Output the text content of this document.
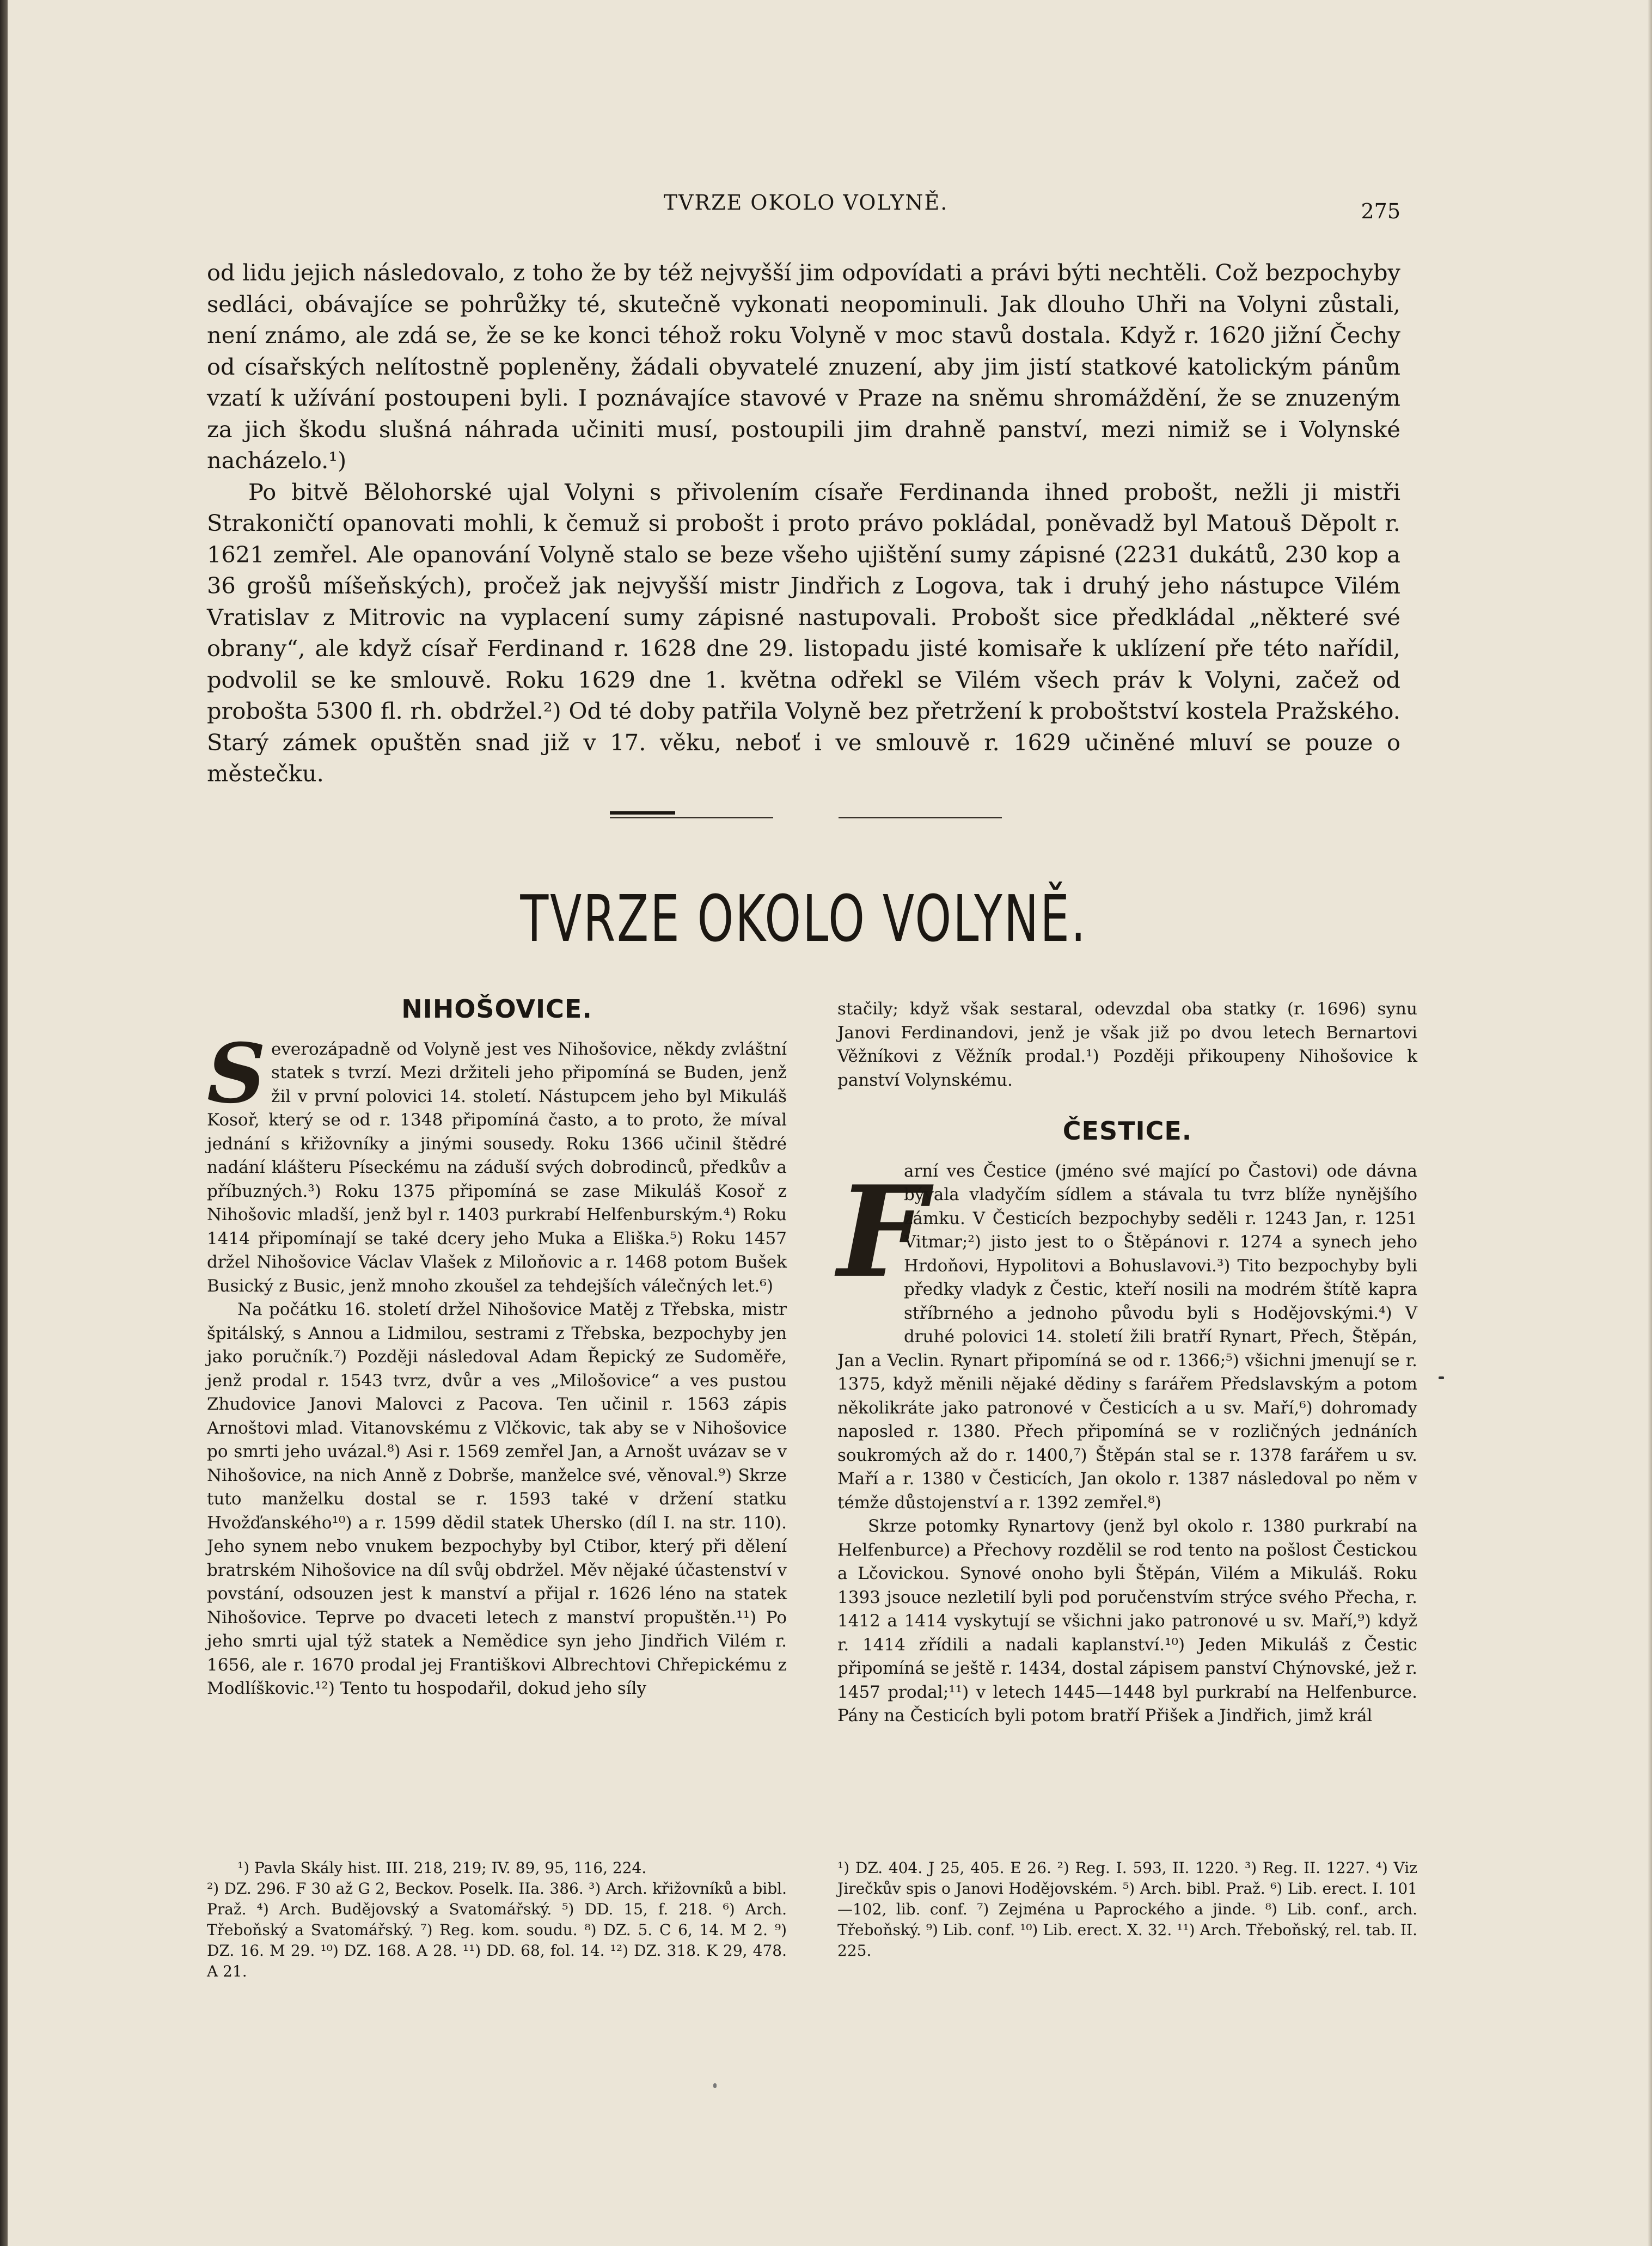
TVRZE OKOLO VOLYNĚ.	275

od lidu jejich následovalo, z toho že by též nejvyšší jim odpovídati a právi býti nechtěli. Což bezpochyby sedláci, obávajíce se pohrůžky té, skutečně vykonati neopominuli. Jak dlouho Uhři na Volyni zůstali, není známo, ale zdá se, že se ke konci téhož roku Volyně v moc stavů dostala. Když r. 1620 jižní Čechy od císařských nelítostně popleněny, žádali obyvatelé znuzení, aby jim jistí statkové katolickým pánům vzatí k užívání postoupeni byli. I poznávajíce stavové v Praze na sněmu shromáždění, že se znuzeným za jich škodu slušná náhrada učiniti musí, postoupili jim drahně panství, mezi nimiž se i Volynské nacházelo.¹)

Po bitvě Bělohorské ujal Volyni s přivolením císaře Ferdinanda ihned probošt, nežli ji mistři Strakoničtí opanovati mohli, k čemuž si probošt i proto právo pokládal, poněvadž byl Matouš Děpolt r. 1621 zemřel. Ale opanování Volyně stalo se beze všeho ujištění sumy zápisné (2231 dukátů, 230 kop a 36 grošů míšeňských), pročež jak nejvyšší mistr Jindřich z Logova, tak i druhý jeho nástupce Vilém Vratislav z Mitrovic na vyplacení sumy zápisné nastupovali. Probošt sice předkládal „některé své obrany“, ale když císař Ferdinand r. 1628 dne 29. listopadu jisté komisaře k uklízení pře této nařídil, podvolil se ke smlouvě. Roku 1629 dne 1. května odřekl se Vilém všech práv k Volyni, začež od probošta 5300 fl. rh. obdržel.²) Od té doby patřila Volyně bez přetržení k proboštství kostela Pražského. Starý zámek opuštěn snad již v 17. věku, neboť i ve smlouvě r. 1629 učiněné mluví se pouze o městečku.

TVRZE OKOLO VOLYNĚ.
NIHOŠOVICE.
S everozápadně od Volyně jest ves Nihošovice, někdy zvláštní statek s tvrzí. Mezi držiteli jeho připomíná se Buden, jenž žil v první polovici 14. století. Nástupcem jeho byl Mikuláš Kosoř, který se od r. 1348 připomíná často, a to proto, že míval jednání s křižovníky a jinými sousedy. Roku 1366 učinil štědré nadání klášteru Píseckému na záduší svých dobrodinců, předkův a příbuzných.³) Roku 1375 připomíná se zase Mikuláš Kosoř z Nihošovic mladší, jenž byl r. 1403 purkrabí Helfenburským.⁴) Roku 1414 připomínají se také dcery jeho Muka a Eliška.⁵) Roku 1457 držel Nihošovice Václav Vlašek z Miloňovic a r. 1468 potom Bušek Busický z Busic, jenž mnoho zkoušel za tehdejších válečných let.⁶)

Na počátku 16. století držel Nihošovice Matěj z Třebska, mistr špitálský, s Annou a Lidmilou, sestrami z Třebska, bezpochyby jen jako poručník.⁷) Později následoval Adam Řepický ze Sudoměře, jenž prodal r. 1543 tvrz, dvůr a ves „Milošovice“ a ves pustou Zhudovice Janovi Malovci z Pacova. Ten učinil r. 1563 zápis Arnoštovi mlad. Vitanovskému z Vlčkovic, tak aby se v Nihošovice po smrti jeho uvázal.⁸) Asi r. 1569 zemřel Jan, a Arnošt uvázav se v Nihošovice, na nich Anně z Dobrše, manželce své, věnoval.⁹) Skrze tuto manželku dostal se r. 1593 také v držení statku Hvožďanského¹⁰) a r. 1599 dědil statek Uhersko (díl I. na str. 110). Jeho synem nebo vnukem bezpochyby byl Ctibor, který při dělení bratrském Nihošovice na díl svůj obdržel. Měv nějaké účastenství v povstání, odsouzen jest k manství a přijal r. 1626 léno na statek Nihošovice. Teprve po dvaceti letech z manství propuštěn.¹¹) Po jeho smrti ujal týž statek a Nemědice syn jeho Jindřich Vilém r. 1656, ale r. 1670 prodal jej Františkovi Albrechtovi Chřepickému z Modlíškovic.¹²) Tento tu hospodařil, dokud jeho síly

stačily; když však sestaral, odevzdal oba statky (r. 1696) synu Janovi Ferdinandovi, jenž je však již po dvou letech Bernartovi Věžníkovi z Věžník prodal.¹) Později přikoupeny Nihošovice k panství Volynskému.

ČESTICE.
F

arní ves Čestice (jméno své mající po Častovi) ode dávna bývala vladyčím sídlem a stávala tu tvrz blíže nynějšího zámku. V Česticích bezpochyby seděli r. 1243 Jan, r. 1251 Vitmar;²) jisto jest to o Štěpánovi r. 1274 a synech jeho Hrdoňovi, Hypolitovi a Bohuslavovi.³) Tito bezpochyby byli předky vladyk z Čestic, kteří nosili na modrém štítě kapra stříbrného a jednoho původu byli s Hodějovskými.⁴) V druhé polovici 14. století žili bratří Rynart, Přech, Štěpán, Jan a Veclin. Rynart připomíná se od r. 1366;⁵) všichni jmenují se r. 1375, když měnili nějaké dědiny s farářem Předslavským a potom několikráte jako patronové v Česticích a u sv. Maří,⁶) dohromady naposled r. 1380. Přech připomíná se v rozličných jednáních soukromých až do r. 1400,⁷) Štěpán stal se r. 1378 farářem u sv. Maří a r. 1380 v Česticích, Jan okolo r. 1387 následoval po něm v témže důstojenství a r. 1392 zemřel.⁸)

Skrze potomky Rynartovy (jenž byl okolo r. 1380 purkrabí na Helfenburce) a Přechovy rozdělil se rod tento na pošlost Čestickou a Lčovickou. Synové onoho byli Štěpán, Vilém a Mikuláš. Roku 1393 jsouce nezletilí byli pod poručenstvím strýce svého Přecha, r. 1412 a 1414 vyskytují se všichni jako patronové u sv. Maří,⁹) když r. 1414 zřídili a nadali kaplanství.¹⁰) Jeden Mikuláš z Čestic připomíná se ještě r. 1434, dostal zápisem panství Chýnovské, jež r. 1457 prodal;¹¹) v letech 1445—1448 byl purkrabí na Helfenburce. Pány na Česticích byli potom bratří Přišek a Jindřich, jimž král

¹) Pavla Skály hist. III. 218, 219; IV. 89, 95, 116, 224.

²) DZ. 296. F 30 až G 2, Beckov. Poselk. IIa. 386. ³) Arch. křižovníků a bibl. Praž. ⁴) Arch. Budějovský a Svatomářský. ⁵) DD. 15, f. 218. ⁶) Arch. Třeboňský a Svatomářský. ⁷) Reg. kom. soudu. ⁸) DZ. 5. C 6, 14. M 2. ⁹) DZ. 16. M 29. ¹⁰) DZ. 168. A 28. ¹¹) DD. 68, fol. 14. ¹²) DZ. 318. K 29, 478. A 21.

¹) DZ. 404. J 25, 405. E 26. ²) Reg. I. 593, II. 1220. ³) Reg. II. 1227. ⁴) Viz Jirečkův spis o Janovi Hodějovském. ⁵) Arch. bibl. Praž. ⁶) Lib. erect. I. 101—102, lib. conf. ⁷) Zejména u Paprockého a jinde. ⁸) Lib. conf., arch. Třeboňský. ⁹) Lib. conf. ¹⁰) Lib. erect. X. 32. ¹¹) Arch. Třeboňský, rel. tab. II. 225.
